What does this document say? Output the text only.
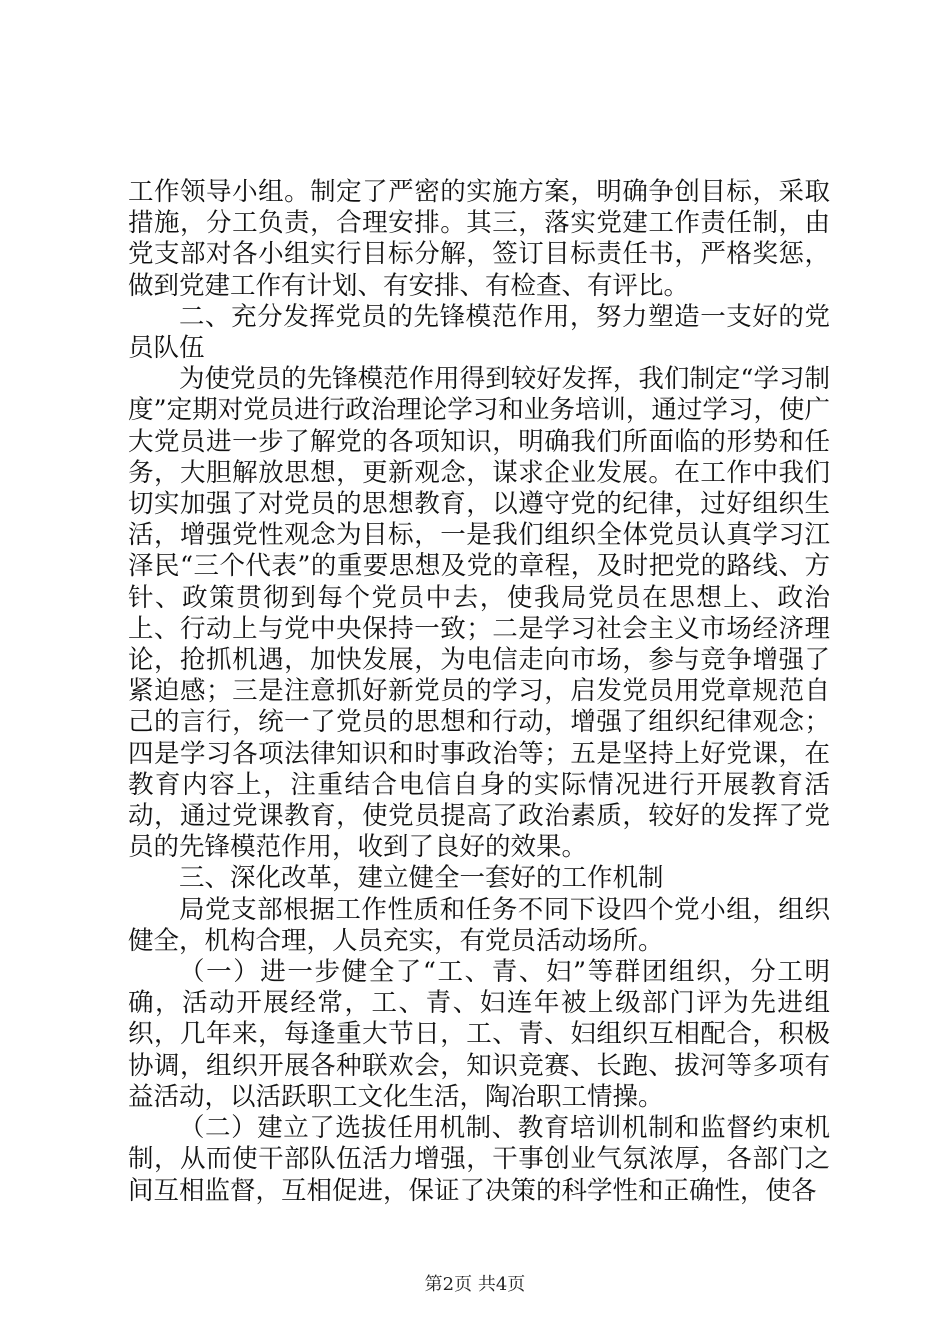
工作领导小组。制定了严密的实施方案，明确争创目标，采取措施，分工负责，合理安排。其三，落实党建工作责任制，由党支部对各小组实行目标分解，签订目标责任书，严格奖惩，做到党建工作有计划、有安排、有检查、有评比。

二、充分发挥党员的先锋模范作用，努力塑造一支好的党员队伍

为使党员的先锋模范作用得到较好发挥，我们制定“学习制度”定期对党员进行政治理论学习和业务培训，通过学习，使广大党员进一步了解党的各项知识，明确我们所面临的形势和任务，大胆解放思想，更新观念，谋求企业发展。在工作中我们切实加强了对党员的思想教育，以遵守党的纪律，过好组织生活，增强党性观念为目标，一是我们组织全体党员认真学习江泽民“三个代表”的重要思想及党的章程，及时把党的路线、方针、政策贯彻到每个党员中去，使我局党员在思想上、政治上、行动上与党中央保持一致；二是学习社会主义市场经济理论，抢抓机遇，加快发展，为电信走向市场，参与竞争增强了紧迫感；三是注意抓好新党员的学习，启发党员用党章规范自己的言行，统一了党员的思想和行动，增强了组织纪律观念；四是学习各项法律知识和时事政治等；五是坚持上好党课，在教育内容上，注重结合电信自身的实际情况进行开展教育活动，通过党课教育，使党员提高了政治素质，较好的发挥了党员的先锋模范作用，收到了良好的效果。

三、深化改革，建立健全一套好的工作机制

局党支部根据工作性质和任务不同下设四个党小组，组织健全，机构合理，人员充实，有党员活动场所。

（一）进一步健全了“工、青、妇”等群团组织，分工明确，活动开展经常，工、青、妇连年被上级部门评为先进组织，几年来，每逢重大节日，工、青、妇组织互相配合，积极协调，组织开展各种联欢会，知识竞赛、长跑、拔河等多项有益活动，以活跃职工文化生活，陶冶职工情操。

（二）建立了选拔任用机制、教育培训机制和监督约束机制，从而使干部队伍活力增强，干事创业气氛浓厚，各部门之间互相监督，互相促进，保证了决策的科学性和正确性，使各

第2页 共4页
